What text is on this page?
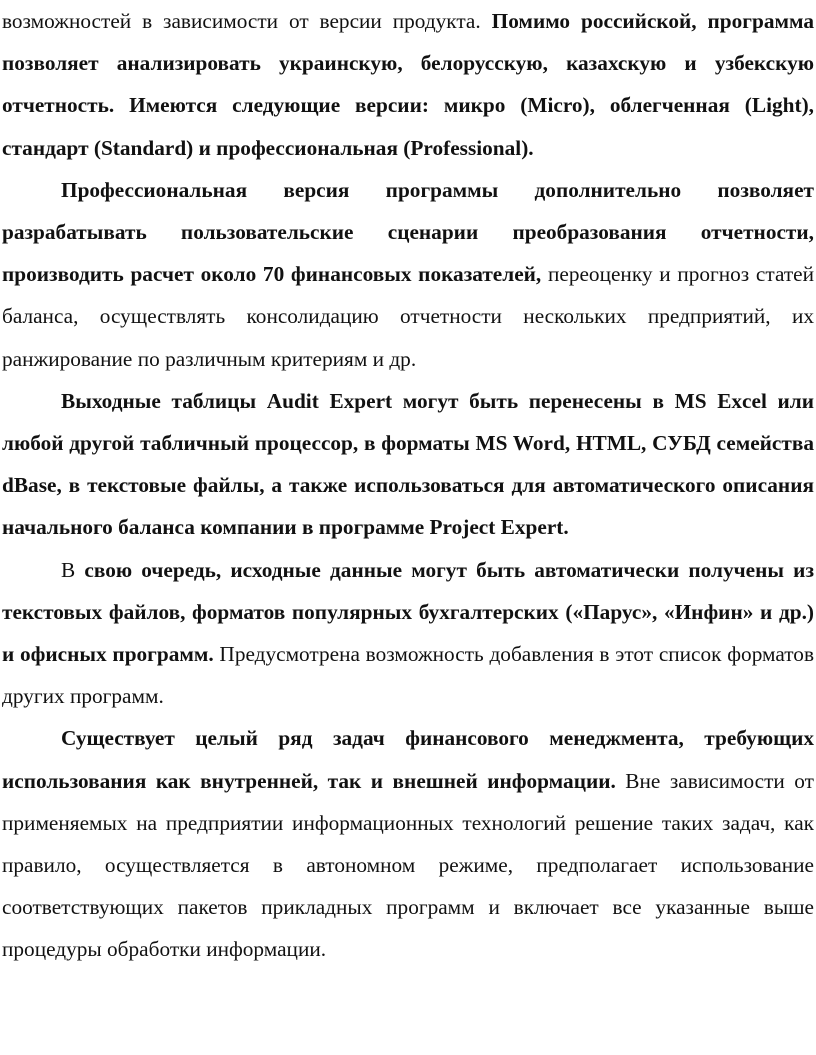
возможностей в зависимости от версии продукта. Помимо российской, программа позволяет анализировать украинскую, белорусскую, казахскую и узбекскую отчетность. Имеются следующие версии: микро (Micro), облегченная (Light), стандарт (Standard) и профессиональная (Professional).

Профессиональная версия программы дополнительно позволяет разрабатывать пользовательские сценарии преобразования отчетности, производить расчет около 70 финансовых показателей, переоценку и прогноз статей баланса, осуществлять консолидацию отчетности нескольких предприятий, их ранжирование по различным критериям и др.

Выходные таблицы Audit Expert могут быть перенесены в MS Excel или любой другой табличный процессор, в форматы MS Word, HTML, СУБД семейства dBase, в текстовые файлы, а также использоваться для автоматического описания начального баланса компании в программе Project Expert.

В свою очередь, исходные данные могут быть автоматически получены из текстовых файлов, форматов популярных бухгалтерских («Парус», «Инфин» и др.) и офисных программ. Предусмотрена возможность добавления в этот список форматов других программ.

Существует целый ряд задач финансового менеджмента, требующих использования как внутренней, так и внешней информации. Вне зависимости от применяемых на предприятии информационных технологий решение таких задач, как правило, осуществляется в автономном режиме, предполагает использование соответствующих пакетов прикладных программ и включает все указанные выше процедуры обработки информации.
